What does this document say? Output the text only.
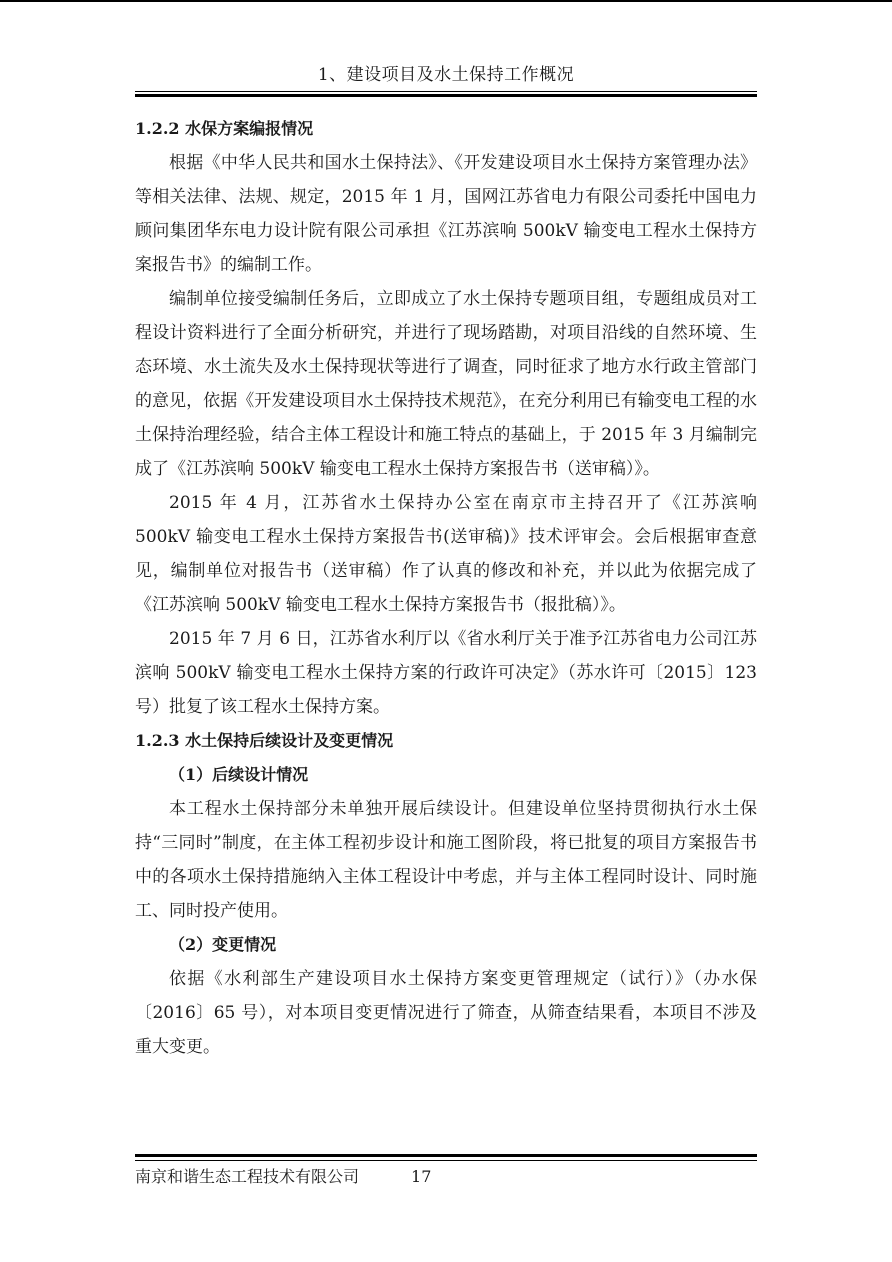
1、建设项目及水土保持工作概况

1.2.2 水保方案编报情况

根据《中华人民共和国水土保持法》、《开发建设项目水土保持方案管理办法》等相关法律、法规、规定，2015 年 1 月，国网江苏省电力有限公司委托中国电力顾问集团华东电力设计院有限公司承担《江苏滨响 500kV 输变电工程水土保持方案报告书》的编制工作。

编制单位接受编制任务后，立即成立了水土保持专题项目组，专题组成员对工程设计资料进行了全面分析研究，并进行了现场踏勘，对项目沿线的自然环境、生态环境、水土流失及水土保持现状等进行了调查，同时征求了地方水行政主管部门的意见，依据《开发建设项目水土保持技术规范》，在充分利用已有输变电工程的水土保持治理经验，结合主体工程设计和施工特点的基础上，于 2015 年 3 月编制完成了《江苏滨响 500kV 输变电工程水土保持方案报告书（送审稿）》。

2015 年 4 月，江苏省水土保持办公室在南京市主持召开了《江苏滨响 500kV 输变电工程水土保持方案报告书(送审稿)》技术评审会。会后根据审查意见，编制单位对报告书（送审稿）作了认真的修改和补充，并以此为依据完成了《江苏滨响 500kV 输变电工程水土保持方案报告书（报批稿）》。

2015 年 7 月 6 日，江苏省水利厅以《省水利厅关于准予江苏省电力公司江苏滨响 500kV 输变电工程水土保持方案的行政许可决定》（苏水许可〔2015〕123 号）批复了该工程水土保持方案。

1.2.3 水土保持后续设计及变更情况

（1）后续设计情况

本工程水土保持部分未单独开展后续设计。但建设单位坚持贯彻执行水土保持“三同时”制度，在主体工程初步设计和施工图阶段，将已批复的项目方案报告书中的各项水土保持措施纳入主体工程设计中考虑，并与主体工程同时设计、同时施工、同时投产使用。

（2）变更情况

依据《水利部生产建设项目水土保持方案变更管理规定（试行）》（办水保〔2016〕65 号），对本项目变更情况进行了筛查，从筛查结果看，本项目不涉及重大变更。

南京和谐生态工程技术有限公司	17
